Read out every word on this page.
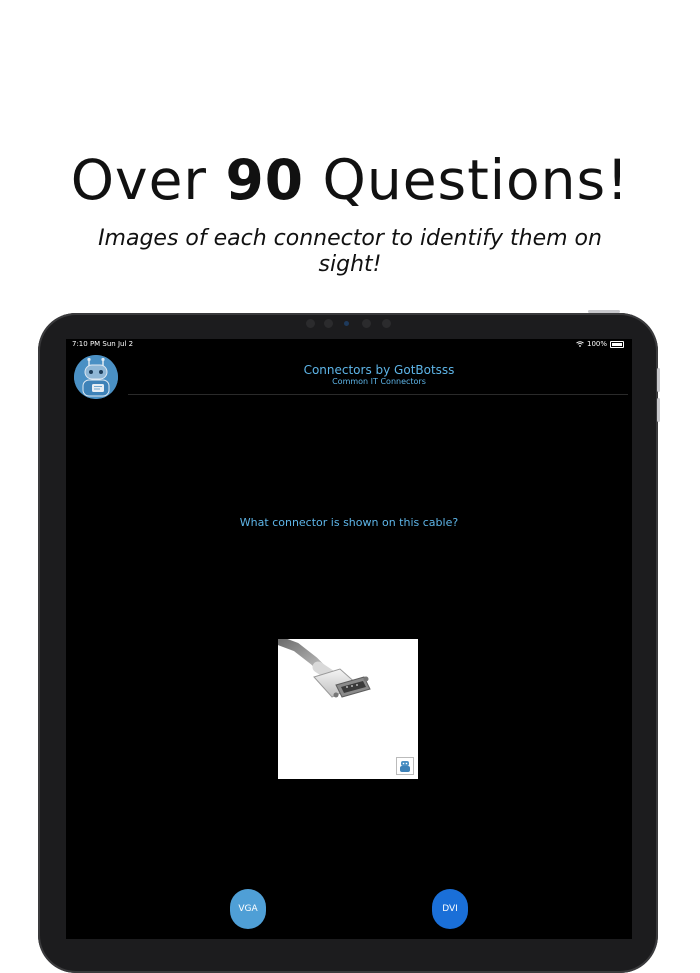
Over 90 Questions!
Images of each connector to identify them on sight!
7:10 PM Sun Jul 2	100%
Connectors by GotBotsss
Common IT Connectors
What connector is shown on this cable?
VGA	DVI
